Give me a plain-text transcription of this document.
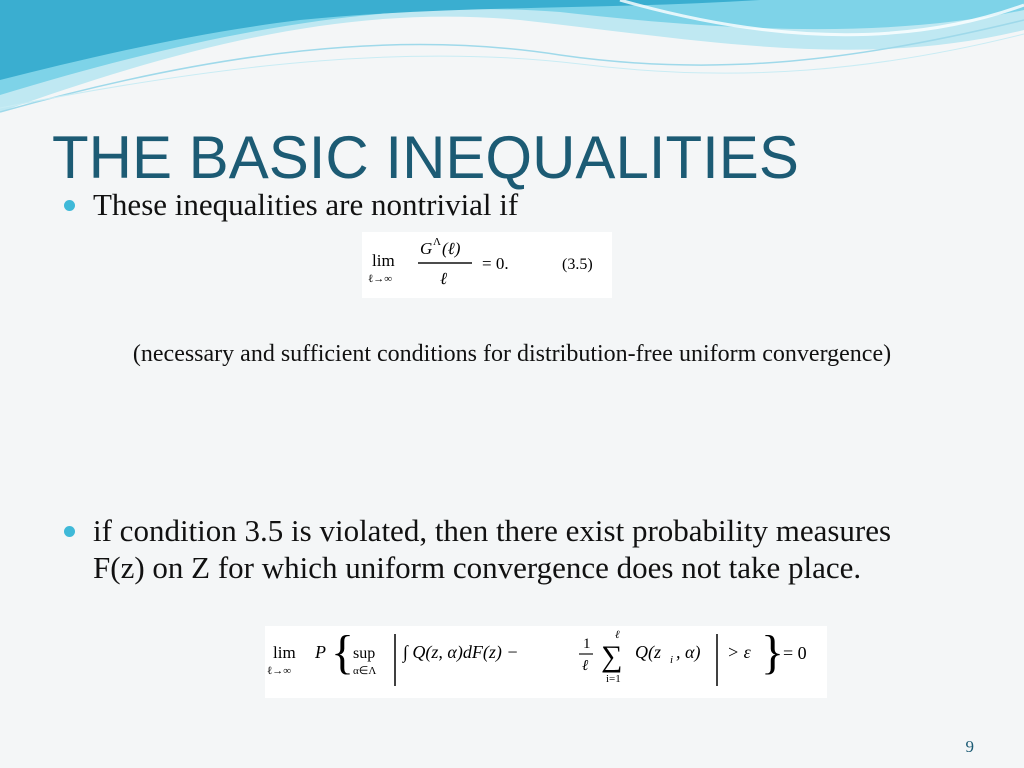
THE BASIC INEQUALITIES
These inequalities are nontrivial if
lim
ℓ→∞
G Λ (ℓ)
ℓ
= 0.	(3.5)
(necessary and sufficient conditions for distribution-free uniform convergence)
if condition 3.5 is violated, then there exist probability measures F(z) on Z for which uniform convergence does not take place.
lim
ℓ→∞
P {
sup
α∈Λ
∫ Q(z, α)dF(z) −	1
ℓ
ℓ
∑
i=1
Q(z i , α) > ε }
= 0
9
